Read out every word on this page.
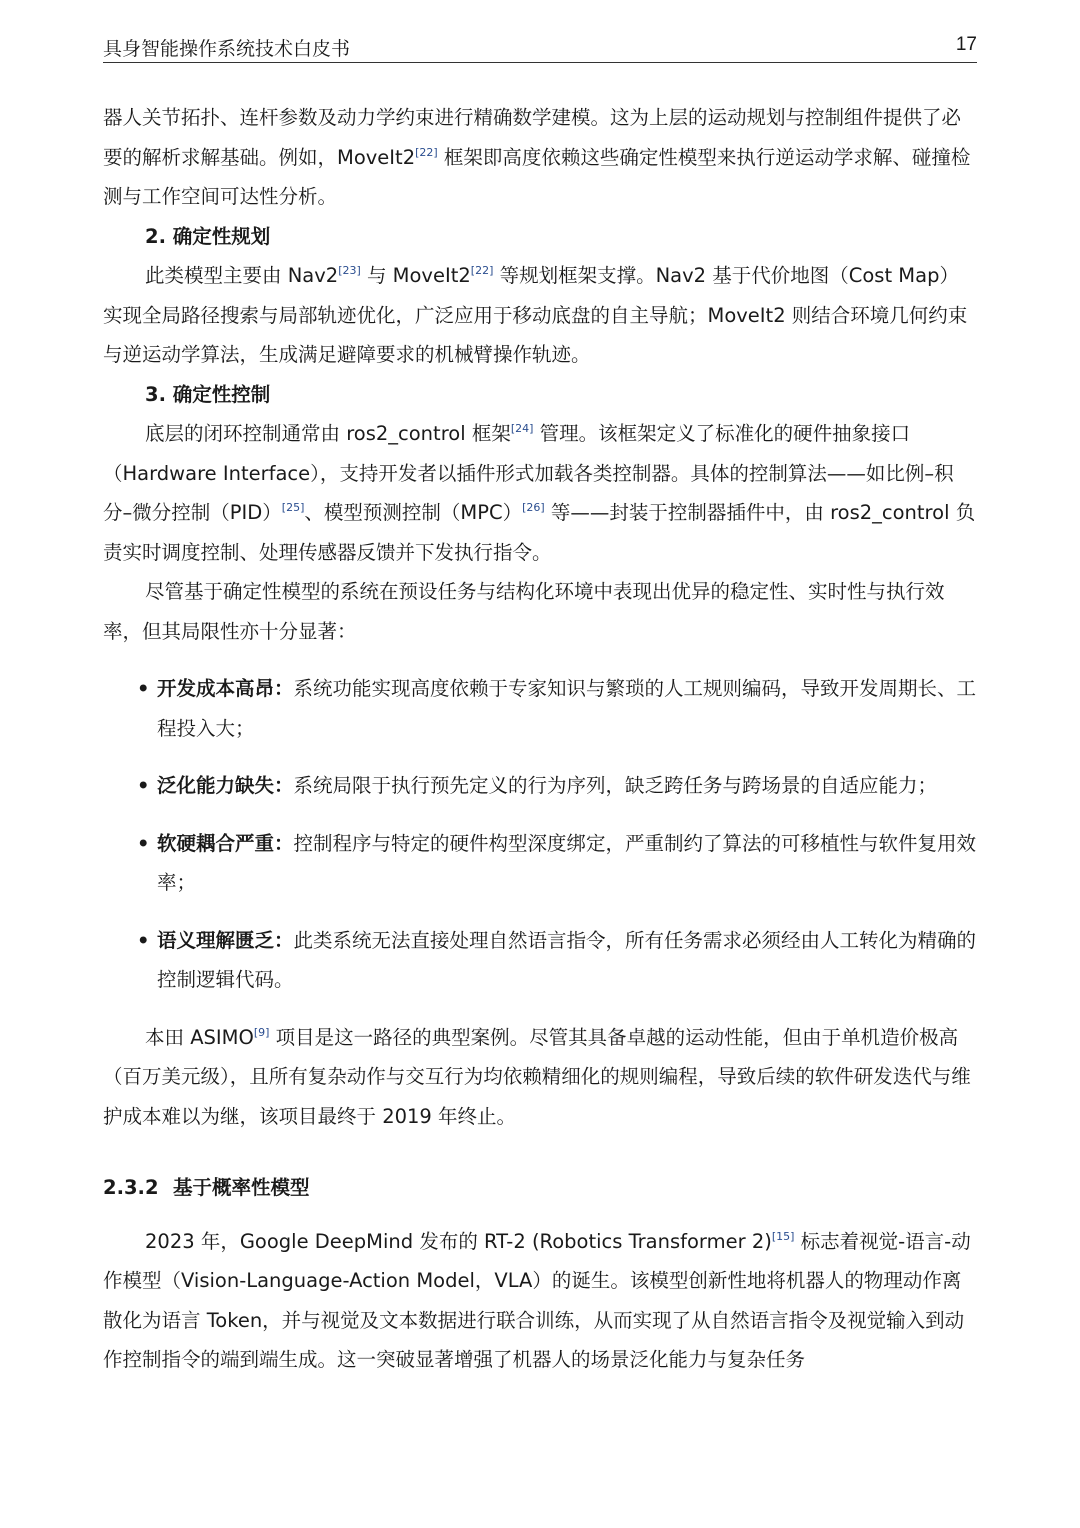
具身智能操作系统技术白皮书	17

器人关节拓扑、连杆参数及动力学约束进行精确数学建模。这为上层的运动规划与控制组件提供了必要的解析求解基础。例如，MoveIt2[22] 框架即高度依赖这些确定性模型来执行逆运动学求解、碰撞检测与工作空间可达性分析。

2. 确定性规划

此类模型主要由 Nav2[23] 与 MoveIt2[22] 等规划框架支撑。Nav2 基于代价地图（Cost Map）实现全局路径搜索与局部轨迹优化，广泛应用于移动底盘的自主导航；MoveIt2 则结合环境几何约束与逆运动学算法，生成满足避障要求的机械臂操作轨迹。

3. 确定性控制

底层的闭环控制通常由 ros2_control 框架[24] 管理。该框架定义了标准化的硬件抽象接口（Hardware Interface），支持开发者以插件形式加载各类控制器。具体的控制算法——如比例–积分–微分控制（PID）[25]、模型预测控制（MPC）[26] 等——封装于控制器插件中，由 ros2_control 负责实时调度控制、处理传感器反馈并下发执行指令。

尽管基于确定性模型的系统在预设任务与结构化环境中表现出优异的稳定性、实时性与执行效率，但其局限性亦十分显著：

• 开发成本高昂：系统功能实现高度依赖于专家知识与繁琐的人工规则编码，导致开发周期长、工程投入大；
• 泛化能力缺失：系统局限于执行预先定义的行为序列，缺乏跨任务与跨场景的自适应能力；
• 软硬耦合严重：控制程序与特定的硬件构型深度绑定，严重制约了算法的可移植性与软件复用效率；
• 语义理解匮乏：此类系统无法直接处理自然语言指令，所有任务需求必须经由人工转化为精确的控制逻辑代码。

本田 ASIMO[9] 项目是这一路径的典型案例。尽管其具备卓越的运动性能，但由于单机造价极高（百万美元级），且所有复杂动作与交互行为均依赖精细化的规则编程，导致后续的软件研发迭代与维护成本难以为继，该项目最终于 2019 年终止。

2.3.2 基于概率性模型

2023 年，Google DeepMind 发布的 RT-2 (Robotics Transformer 2)[15] 标志着视觉-语言-动作模型（Vision-Language-Action Model，VLA）的诞生。该模型创新性地将机器人的物理动作离散化为语言 Token，并与视觉及文本数据进行联合训练，从而实现了从自然语言指令及视觉输入到动作控制指令的端到端生成。这一突破显著增强了机器人的场景泛化能力与复杂任务
